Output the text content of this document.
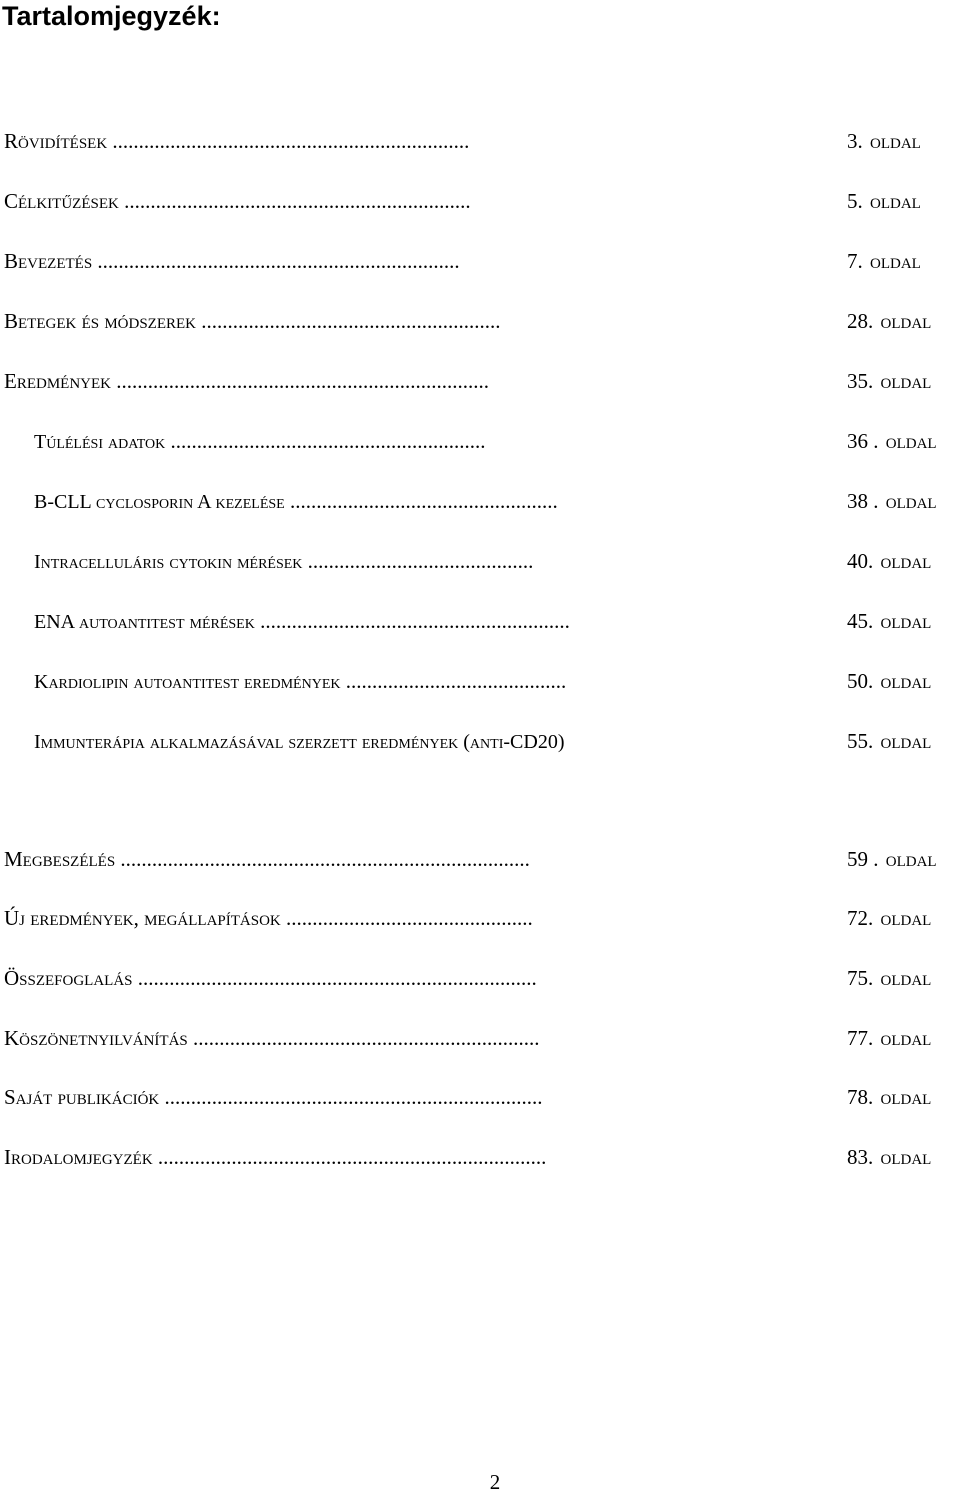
Tartalomjegyzék:
Rövidítések ....................................................................	3. oldal
Célkitűzések ..................................................................	5. oldal
Bevezetés .....................................................................	7. oldal
Betegek és módszerek .........................................................	28. oldal
Eredmények .......................................................................	35. oldal
Túlélési adatok ............................................................	36 . oldal
B-CLL cyclosporin A kezelése ...................................................	38 . oldal
Intracelluláris cytokin mérések ...........................................	40. oldal
ENA autoantitest mérések ...........................................................	45. oldal
Kardiolipin autoantitest eredmények ..........................................	50. oldal
Immunterápia alkalmazásával szerzett eredmények (anti-CD20)	55. oldal
Megbeszélés ..............................................................................	59 . oldal
Új eredmények, megállapítások ...............................................	72. oldal
Összefoglalás ............................................................................	75. oldal
Köszönetnyilvánítás ..................................................................	77. oldal
Saját publikációk ........................................................................	78. oldal
Irodalomjegyzék ..........................................................................	83. oldal
2
